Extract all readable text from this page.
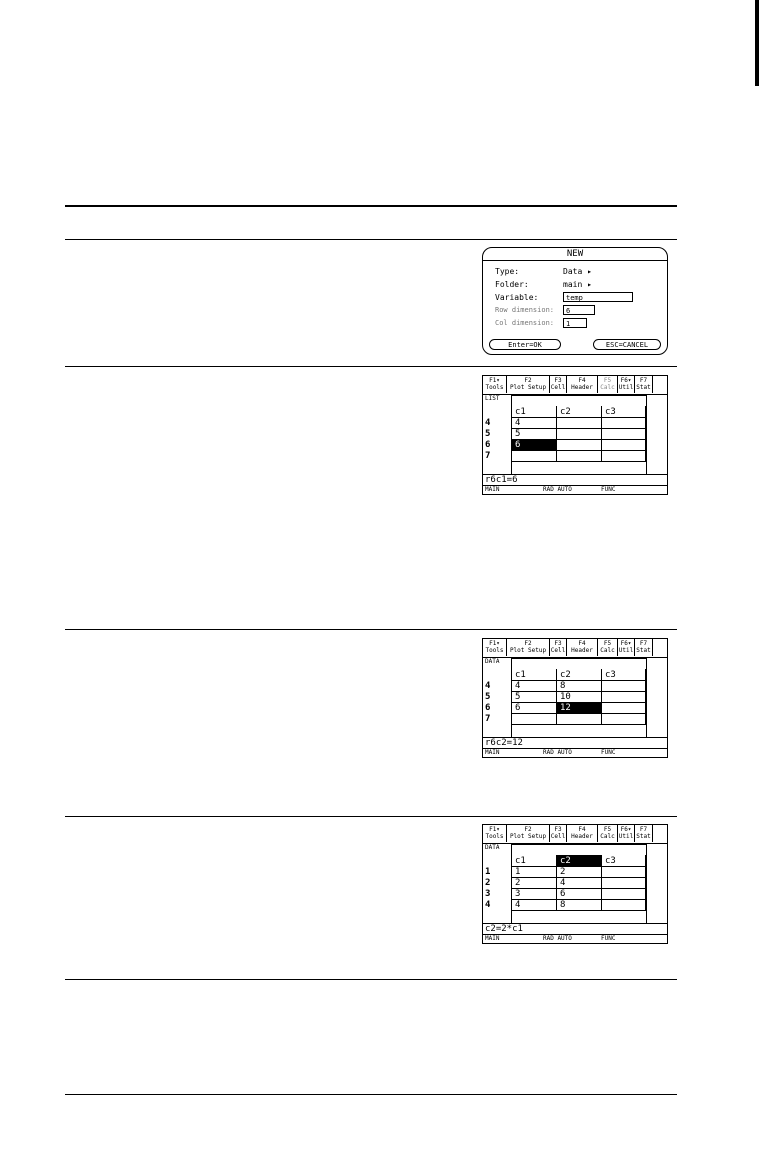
NEW
Type:	Data ▸
Folder:	main ▸
Variable:	temp
Row dimension:	6
Col dimension:	1
Enter=OK	ESC=CANCEL
F1▾
Tools
F2
Plot Setup
F3
Cell
F4
Header
F5
Calc
F6▾
Util
F7
Stat
LIST
c1	c2	c3
4	4
5	5
6	6
7
r6c1=6
MAIN	RAD AUTO	FUNC
F1▾
Tools
F2
Plot Setup
F3
Cell
F4
Header
F5
Calc
F6▾
Util
F7
Stat
DATA
c1	c2	c3
4	4	8
5	5	10
6	6	12
7
r6c2=12
MAIN	RAD AUTO	FUNC
F1▾
Tools
F2
Plot Setup
F3
Cell
F4
Header
F5
Calc
F6▾
Util
F7
Stat
DATA
c1	c2	c3
1	1	2
2	2	4
3	3	6
4	4	8
c2=2*c1
MAIN	RAD AUTO	FUNC
